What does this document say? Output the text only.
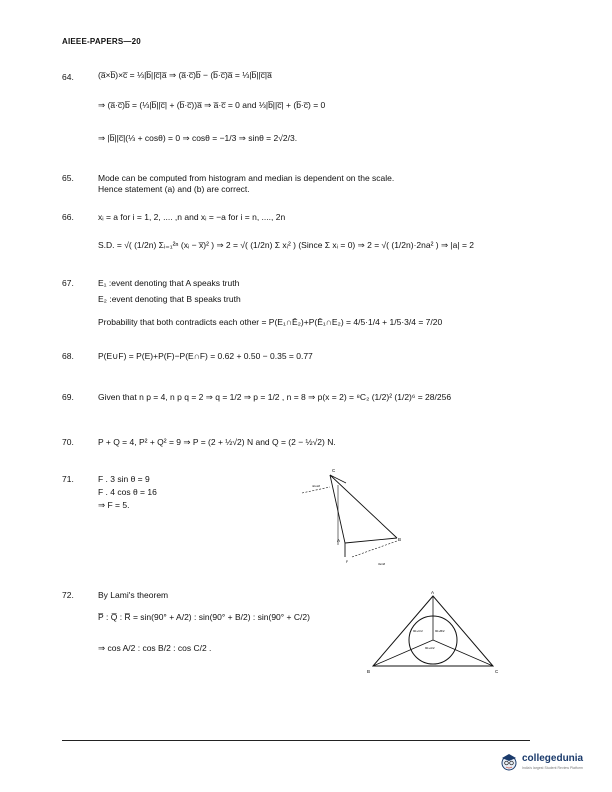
AIEEE-PAPERS—20
64.	(a̅×b̅)×c̅ = ⅓|b̅||c̅|a̅ ⇒ (a̅·c̅)b̅ − (b̅·c̅)a̅ = ⅓|b̅||c̅|a̅
⇒ (a̅·c̅)b̅ = (⅓|b̅||c̅| + (b̅·c̅))a̅ ⇒ a̅·c̅ = 0 and ⅓|b̅||c̅| + (b̅·c̅) = 0
⇒ |b̅||c̅|(⅓ + cosθ) = 0 ⇒ cosθ = −1/3 ⇒ sinθ = 2√2/3.
65.	Mode can be computed from histogram and median is dependent on the scale.
Hence statement (a) and (b) are correct.
66.	xᵢ = a for i = 1, 2, .... ,n and xᵢ = −a for i = n, ...., 2n
S.D. = √( (1/2n) Σᵢ₌₁²ⁿ (xᵢ − x̅)² ) ⇒ 2 = √( (1/2n) Σ xᵢ² ) (Since Σ xᵢ = 0) ⇒ 2 = √( (1/2n)·2na² ) ⇒ |a| = 2
67.	E₁ :event denoting that A speaks truth
E₂ :event denoting that B speaks truth
Probability that both contradicts each other = P(E₁∩Ē₂)+P(Ē₁∩E₂) = 4/5·1/4 + 1/5·3/4 = 7/20
68.	P(E∪F) = P(E)+P(F)−P(E∩F) = 0.62 + 0.50 − 0.35 = 0.77
69.	Given that n p = 4, n p q = 2 ⇒ q = 1/2 ⇒ p = 1/2 , n = 8 ⇒ p(x = 2) = ⁸C₂ (1/2)² (1/2)⁶ = 28/256
70.	P + Q = 4, P² + Q² = 9 ⇒ P = (2 + ½√2) N and Q = (2 − ½√2) N.
71.	F . 3 sin θ = 9
F . 4 cos θ = 16
⇒ F = 5.
C
B
A
F
4cosθ
3sinθ
72.	By Lami's theorem
P̅ : Q̅ : R̅ = sin(90° + A/2) : sin(90° + B/2) : sin(90° + C/2)
⇒ cos A/2 : cos B/2 : cos C/2 .
A
B	C
90+C/2	90+B/2
90+A/2
collegedunia
India's largest Student Review Platform
